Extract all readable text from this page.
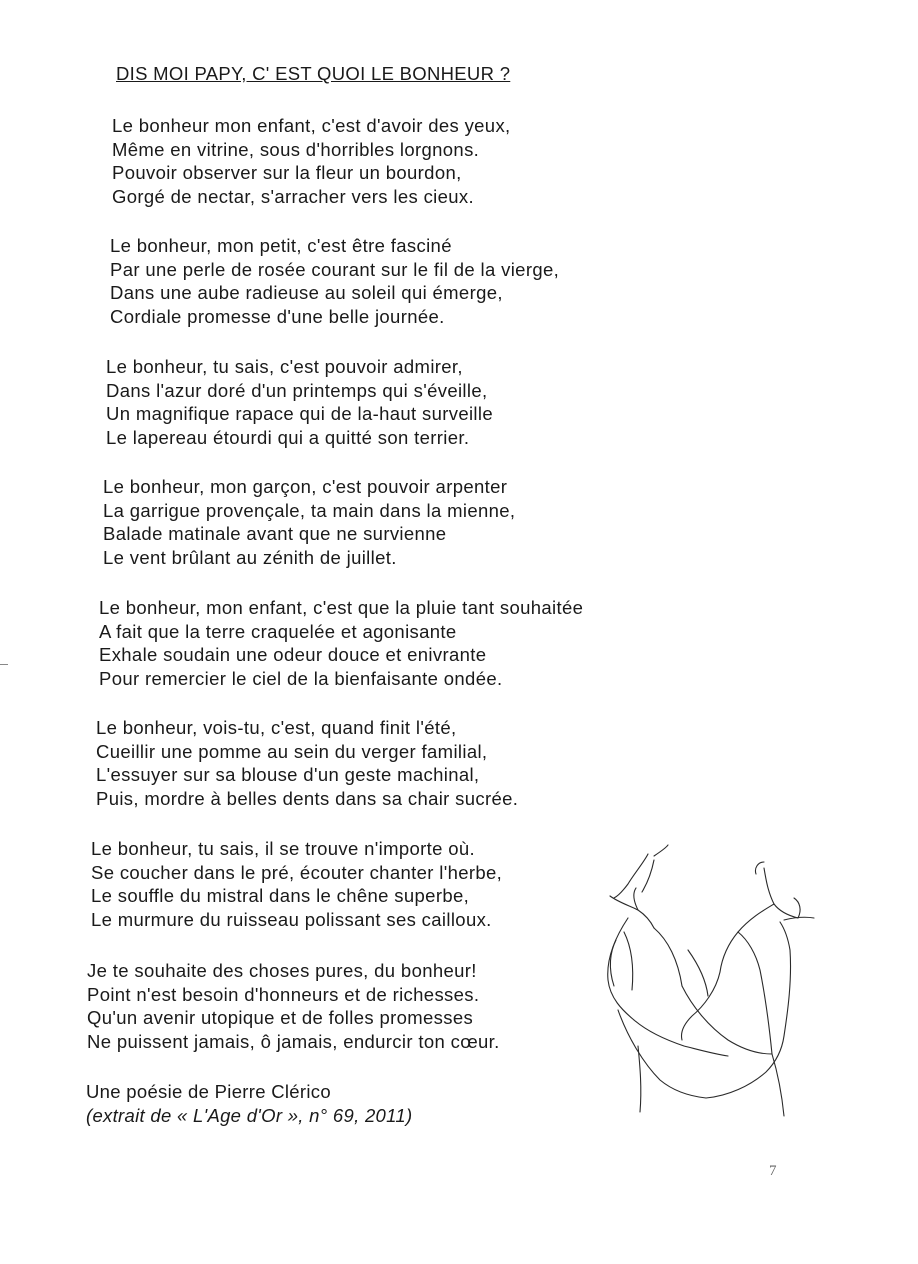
DIS MOI PAPY, C' EST QUOI LE BONHEUR ?
Le bonheur mon enfant, c'est d'avoir des yeux,
Même en vitrine, sous d'horribles lorgnons.
Pouvoir observer sur la fleur un bourdon,
Gorgé de nectar, s'arracher vers les cieux.
Le bonheur, mon petit, c'est être fasciné
Par une perle de rosée courant sur le fil de la vierge,
Dans une aube radieuse au soleil qui émerge,
Cordiale promesse d'une belle journée.
Le bonheur, tu sais, c'est pouvoir admirer,
Dans l'azur doré d'un printemps qui s'éveille,
Un magnifique rapace qui de la-haut surveille
Le lapereau étourdi qui a quitté son terrier.
Le bonheur, mon garçon, c'est pouvoir arpenter
La garrigue provençale, ta main dans la mienne,
Balade matinale avant que ne survienne
Le vent brûlant au zénith de juillet.
Le bonheur, mon enfant, c'est que la pluie tant souhaitée
A fait que la terre craquelée et agonisante
Exhale soudain une odeur douce et enivrante
Pour remercier le ciel de la bienfaisante ondée.
Le bonheur, vois-tu, c'est, quand finit l'été,
Cueillir une pomme au sein du verger familial,
L'essuyer sur sa blouse d'un geste machinal,
Puis, mordre à belles dents dans sa chair sucrée.
Le bonheur, tu sais, il se trouve n'importe où.
Se coucher dans le pré, écouter chanter l'herbe,
Le souffle du mistral dans le chêne superbe,
Le murmure du ruisseau polissant ses cailloux.
Je te souhaite des choses pures, du bonheur!
Point n'est besoin d'honneurs et de richesses.
Qu'un avenir utopique et de folles promesses
Ne puissent jamais, ô jamais, endurcir ton cœur.
Une poésie de Pierre Clérico
(extrait de « L'Age d'Or », n° 69, 2011)
7
